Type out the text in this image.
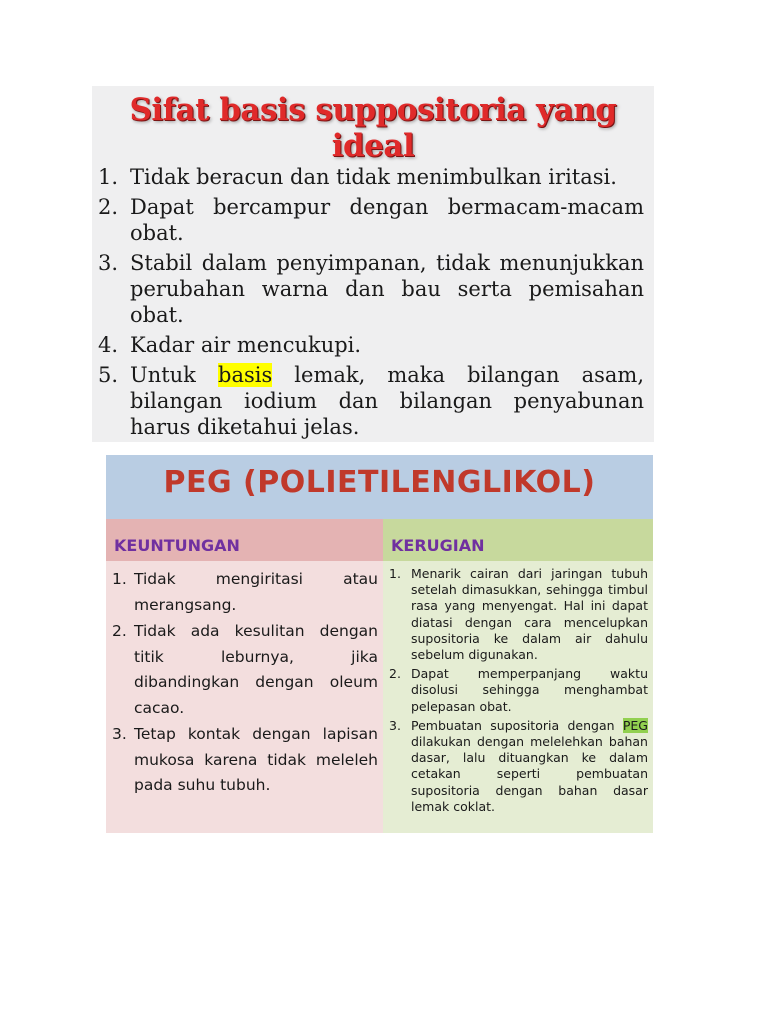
Sifat basis suppositoria yang ideal
1. Tidak beracun dan tidak menimbulkan iritasi.
2. Dapat bercampur dengan bermacam-macam obat.
3. Stabil dalam penyimpanan, tidak menunjukkan perubahan warna dan bau serta pemisahan obat.
4. Kadar air mencukupi.
5. Untuk basis lemak, maka bilangan asam, bilangan iodium dan bilangan penyabunan harus diketahui jelas.
PEG (POLIETILENGLIKOL)
KEUNTUNGAN
1. Tidak mengiritasi atau merangsang.
2. Tidak ada kesulitan dengan titik leburnya, jika dibandingkan dengan oleum cacao.
3. Tetap kontak dengan lapisan mukosa karena tidak meleleh pada suhu tubuh.
KERUGIAN
1. Menarik cairan dari jaringan tubuh setelah dimasukkan, sehingga timbul rasa yang menyengat. Hal ini dapat diatasi dengan cara mencelupkan supositoria ke dalam air dahulu sebelum digunakan.
2. Dapat memperpanjang waktu disolusi sehingga menghambat pelepasan obat.
3. Pembuatan supositoria dengan PEG dilakukan dengan melelehkan bahan dasar, lalu dituangkan ke dalam cetakan seperti pembuatan supositoria dengan bahan dasar lemak coklat.
